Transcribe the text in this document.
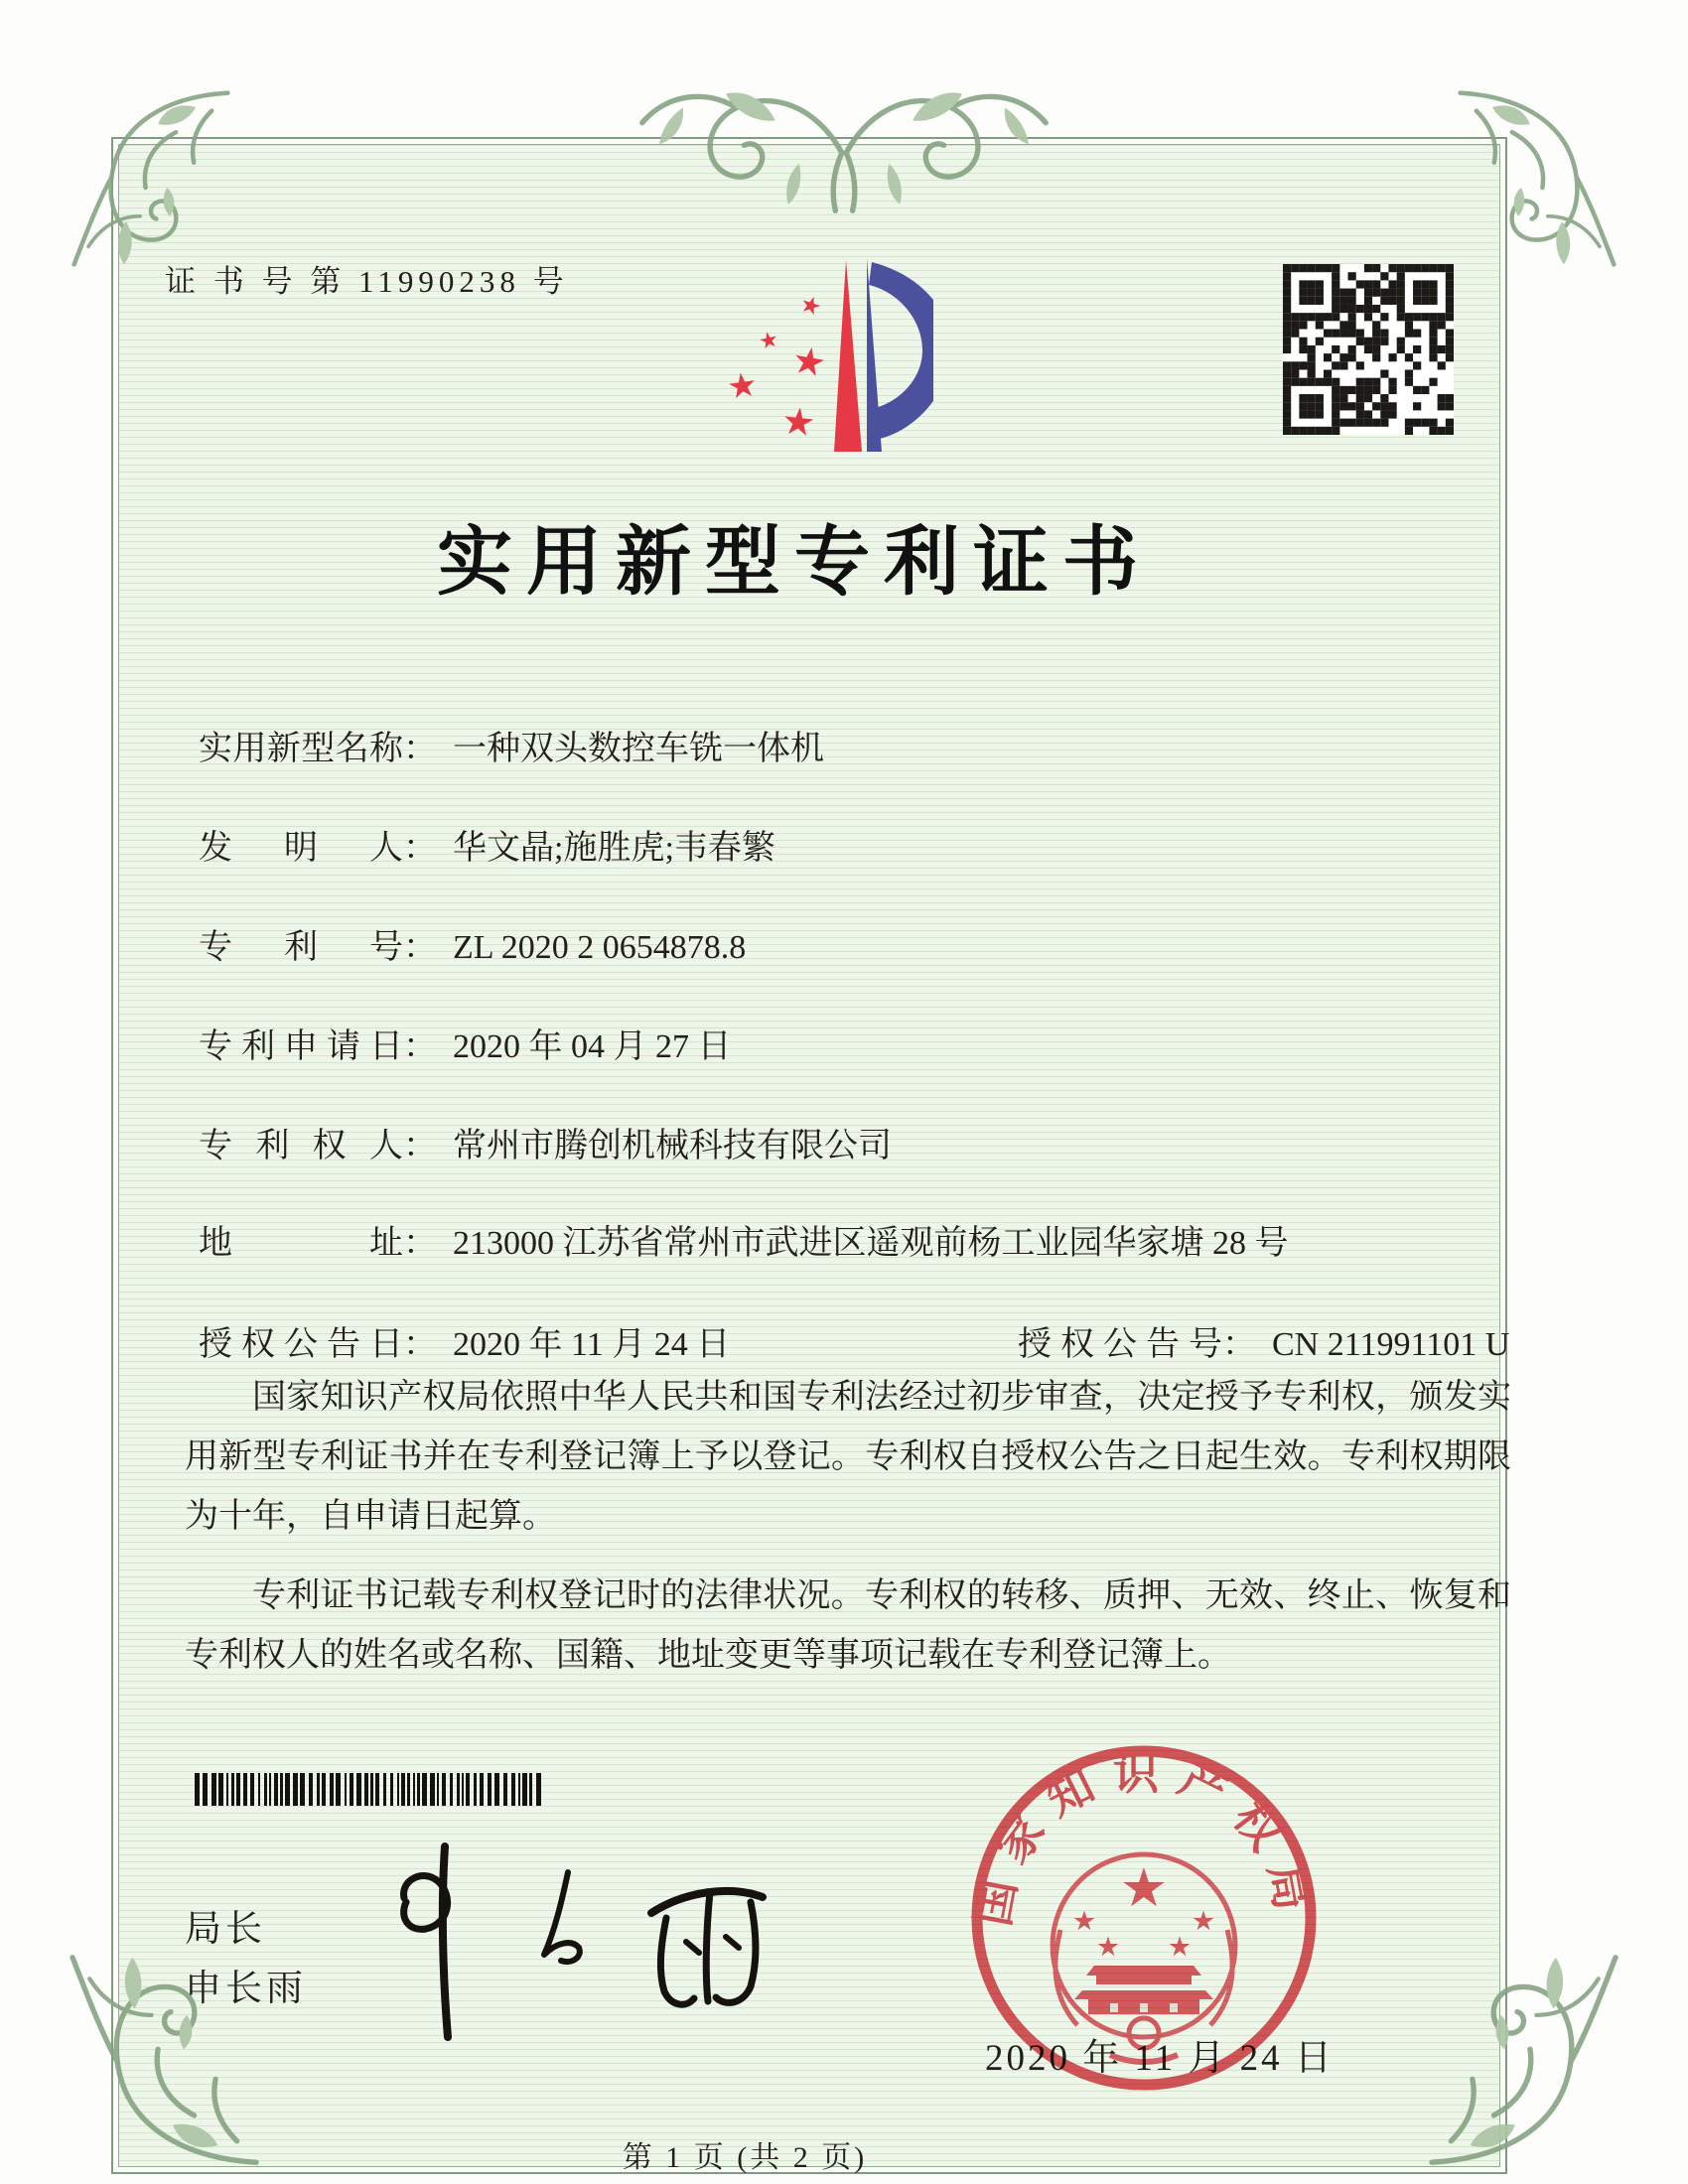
证 书 号 第 11990238 号
★
★ ★
★
★
实用新型专利证书
实用新型名称： 一种双头数控车铣一体机
发明人： 华文晶;施胜虎;韦春繁
专利号： ZL 2020 2 0654878.8
专利申请日： 2020 年 04 月 27 日
专利权人： 常州市腾创机械科技有限公司
地址： 213000 江苏省常州市武进区遥观前杨工业园华家塘 28 号
授权公告日： 2020 年 11 月 24 日	授权公告号： CN 211991101 U
国家知识产权局依照中华人民共和国专利法经过初步审查，决定授予专利权，颁发实用新型专利证书并在专利登记簿上予以登记。专利权自授权公告之日起生效。专利权期限为十年，自申请日起算。
专利证书记载专利权登记时的法律状况。专利权的转移、质押、无效、终止、恢复和专利权人的姓名或名称、国籍、地址变更等事项记载在专利登记簿上。
局长
申长雨
国家知识产权局
★
★	★
★ ★
2020 年 11 月 24 日
第 1 页 (共 2 页)
